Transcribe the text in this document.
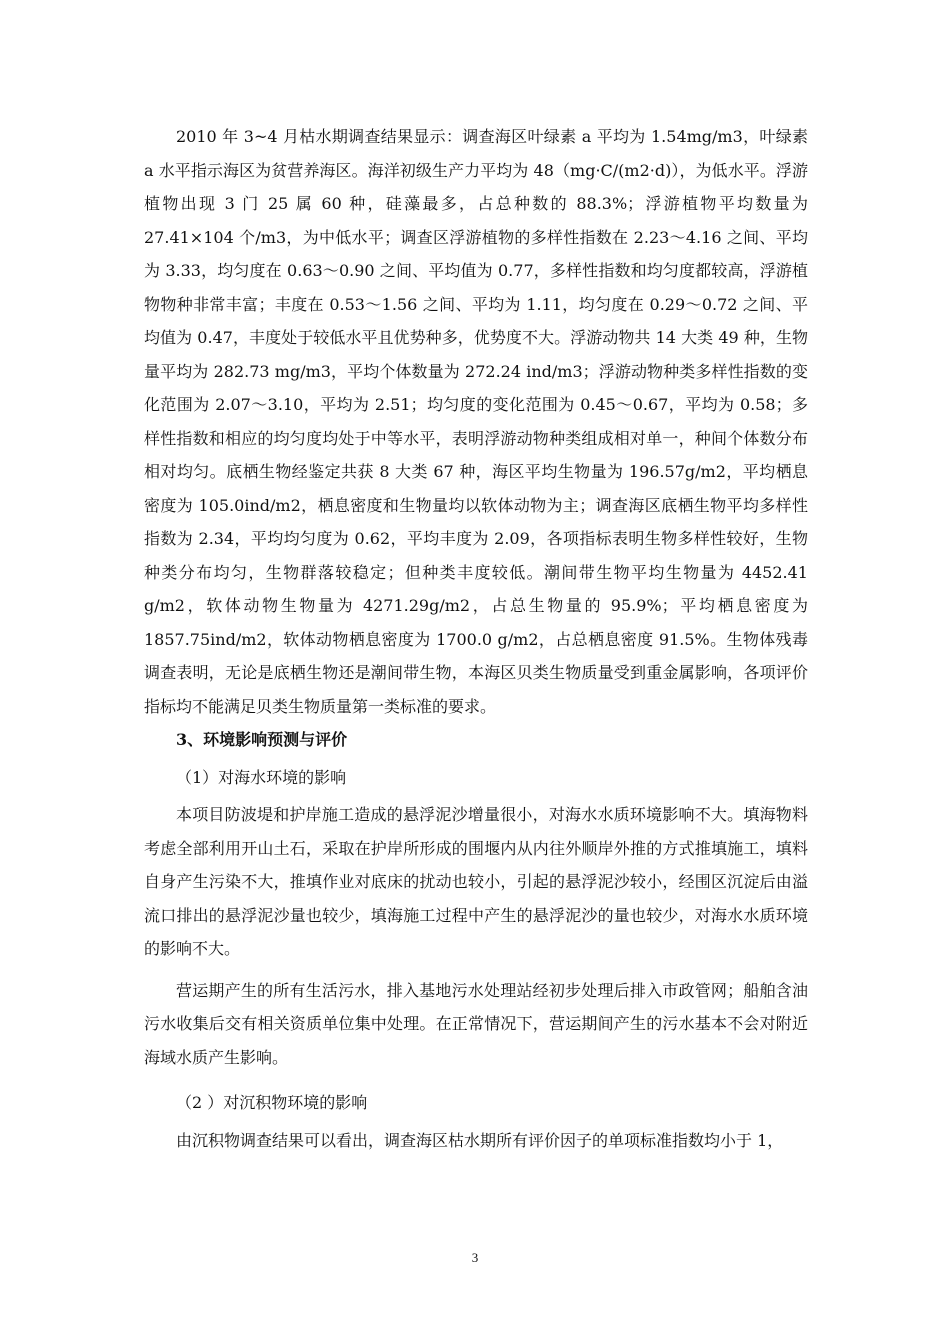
2010 年 3~4 月枯水期调查结果显示：调查海区叶绿素 a 平均为 1.54mg/m3，叶绿素 a 水平指示海区为贫营养海区。海洋初级生产力平均为 48（mg·C/(m2·d)），为低水平。浮游植物出现 3 门 25 属 60 种，硅藻最多，占总种数的 88.3%；浮游植物平均数量为 27.41×104 个/m3，为中低水平；调查区浮游植物的多样性指数在 2.23～4.16 之间、平均为 3.33，均匀度在 0.63～0.90 之间、平均值为 0.77，多样性指数和均匀度都较高，浮游植物物种非常丰富；丰度在 0.53～1.56 之间、平均为 1.11，均匀度在 0.29～0.72 之间、平均值为 0.47，丰度处于较低水平且优势种多，优势度不大。浮游动物共 14 大类 49 种，生物量平均为 282.73 mg/m3，平均个体数量为 272.24 ind/m3；浮游动物种类多样性指数的变化范围为 2.07～3.10，平均为 2.51；均匀度的变化范围为 0.45～0.67，平均为 0.58；多样性指数和相应的均匀度均处于中等水平，表明浮游动物种类组成相对单一，种间个体数分布相对均匀。底栖生物经鉴定共获 8 大类 67 种，海区平均生物量为 196.57g/m2，平均栖息密度为 105.0ind/m2，栖息密度和生物量均以软体动物为主；调查海区底栖生物平均多样性指数为 2.34，平均均匀度为 0.62，平均丰度为 2.09，各项指标表明生物多样性较好，生物种类分布均匀，生物群落较稳定；但种类丰度较低。潮间带生物平均生物量为 4452.41 g/m2，软体动物生物量为 4271.29g/m2，占总生物量的 95.9%；平均栖息密度为 1857.75ind/m2，软体动物栖息密度为 1700.0 g/m2，占总栖息密度 91.5%。生物体残毒调查表明，无论是底栖生物还是潮间带生物，本海区贝类生物质量受到重金属影响，各项评价指标均不能满足贝类生物质量第一类标准的要求。

3、环境影响预测与评价

（1）对海水环境的影响

本项目防波堤和护岸施工造成的悬浮泥沙增量很小，对海水水质环境影响不大。填海物料考虑全部利用开山土石，采取在护岸所形成的围堰内从内往外顺岸外推的方式推填施工，填料自身产生污染不大，推填作业对底床的扰动也较小，引起的悬浮泥沙较小，经围区沉淀后由溢流口排出的悬浮泥沙量也较少，填海施工过程中产生的悬浮泥沙的量也较少，对海水水质环境的影响不大。

营运期产生的所有生活污水，排入基地污水处理站经初步处理后排入市政管网；船舶含油污水收集后交有相关资质单位集中处理。在正常情况下，营运期间产生的污水基本不会对附近海域水质产生影响。

（2 ）对沉积物环境的影响

由沉积物调查结果可以看出，调查海区枯水期所有评价因子的单项标准指数均小于 1，

3
